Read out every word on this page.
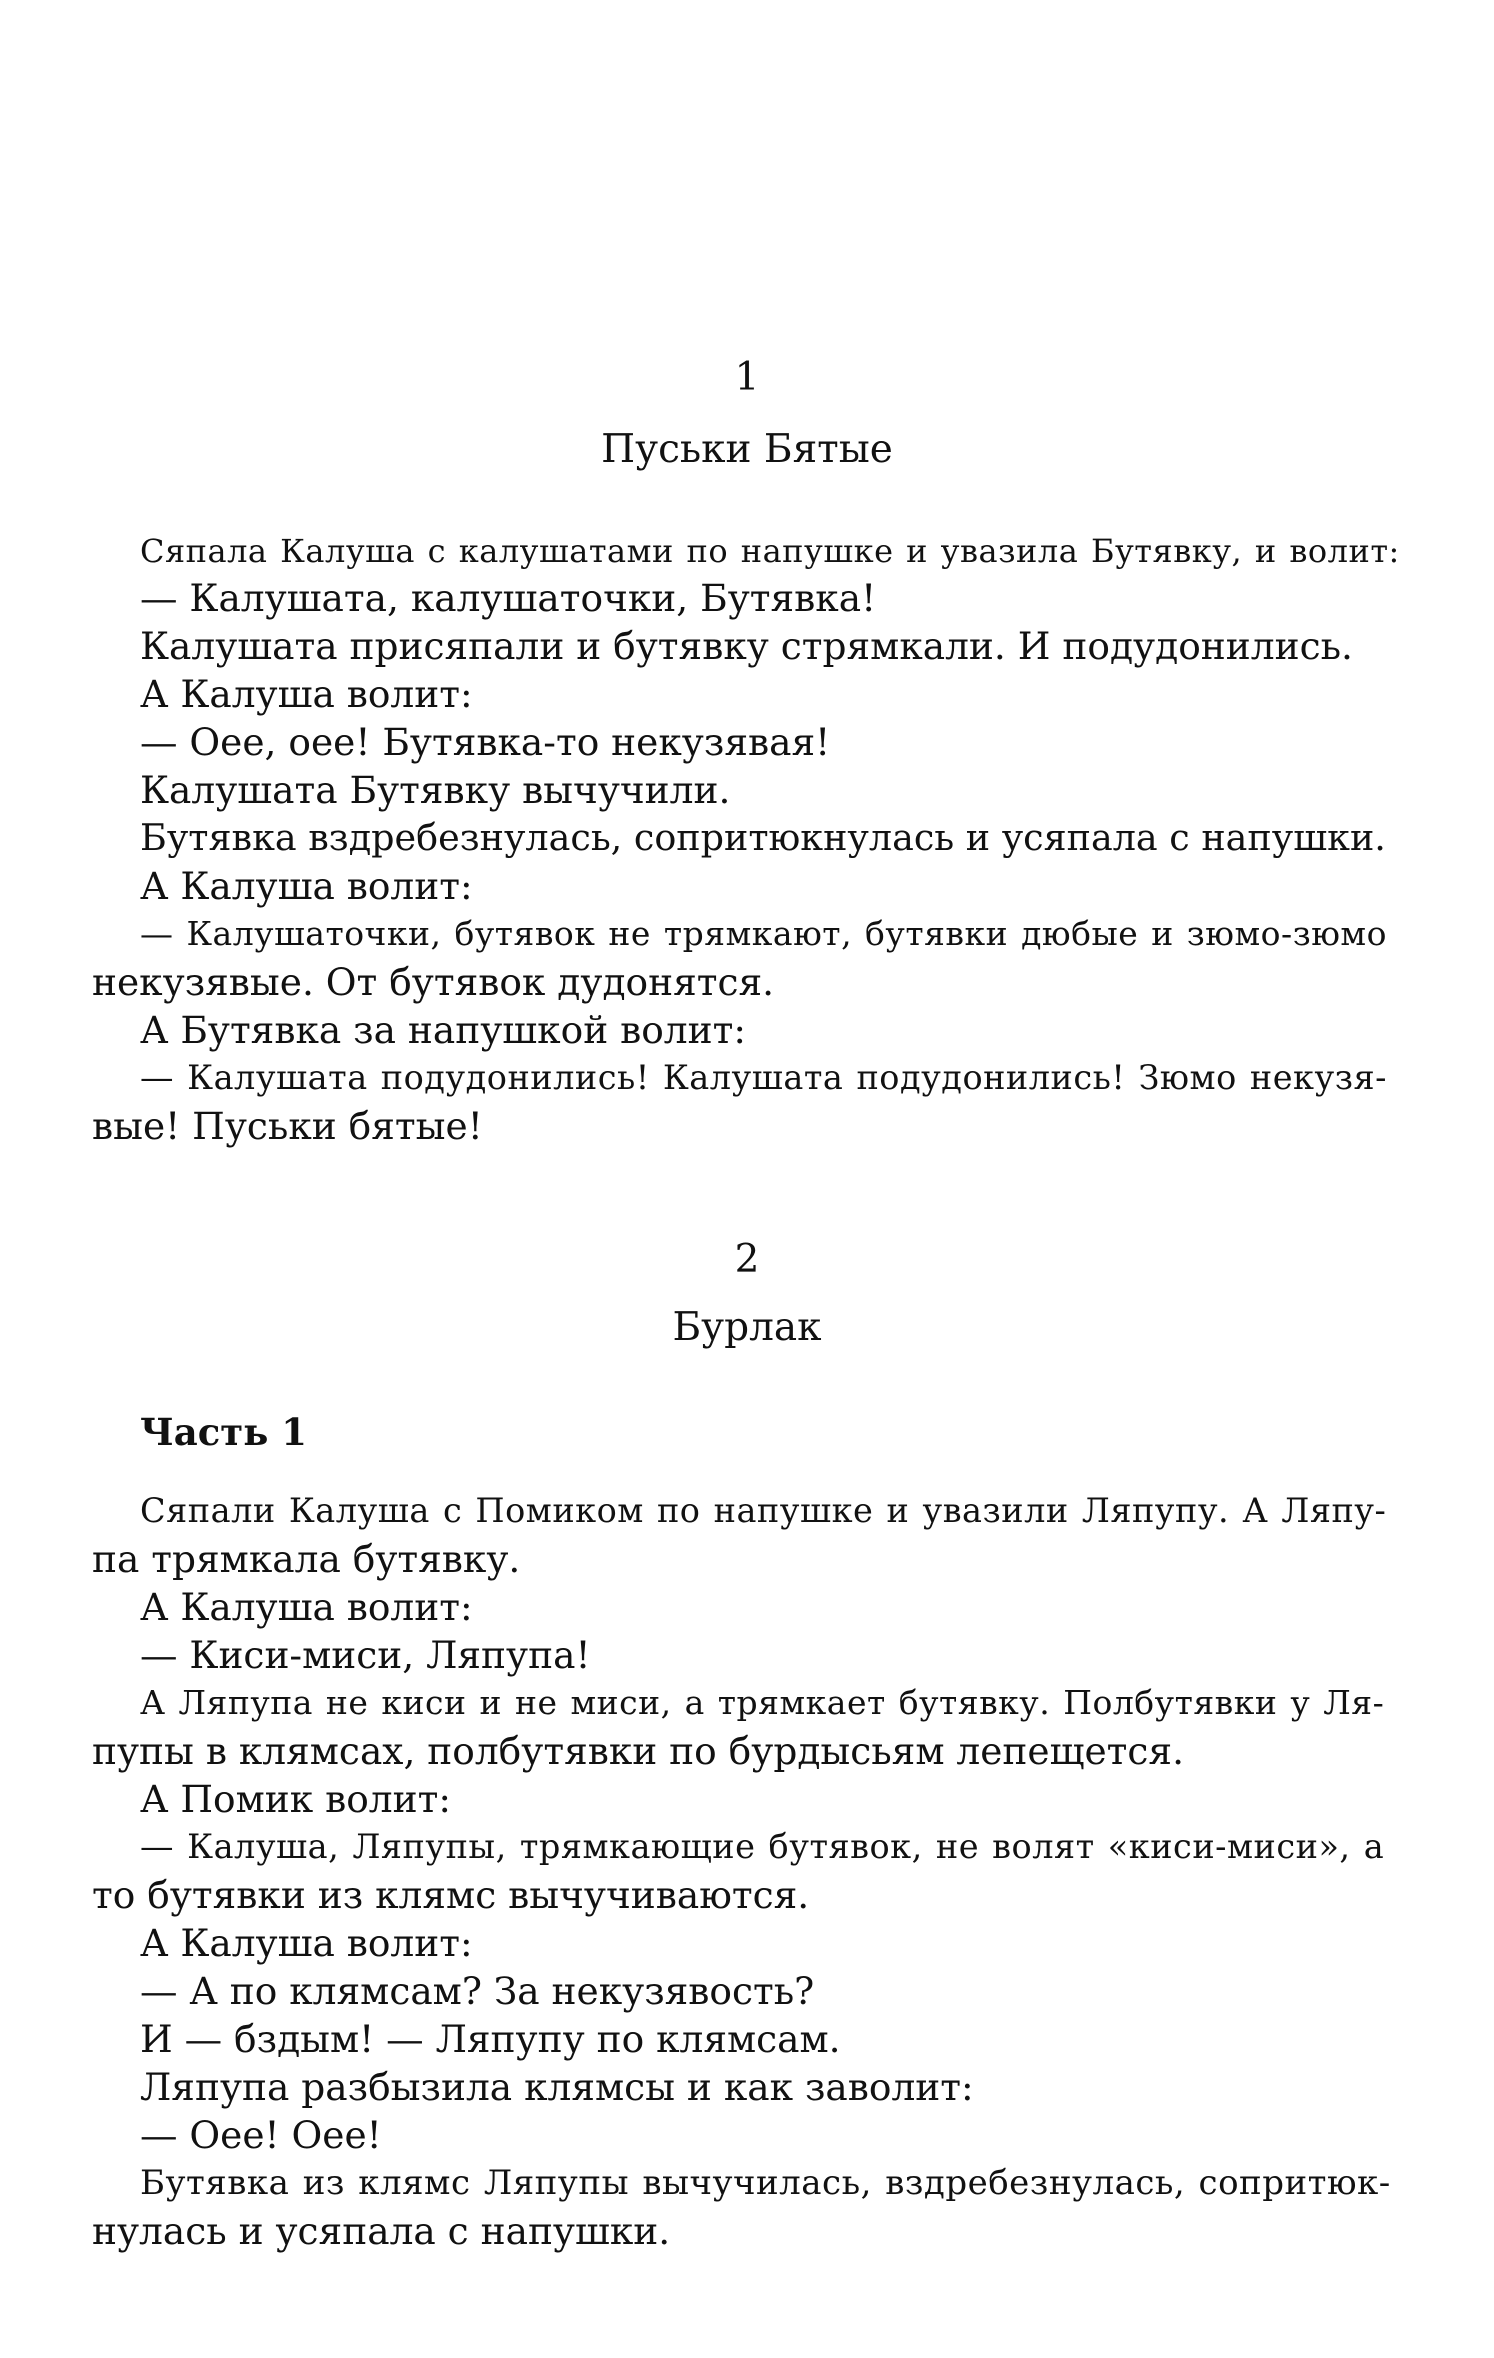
1
Пуськи Бятые
Сяпала Калуша с калушатами по напушке и увазила Бутявку, и волит:
— Калушата, калушаточки, Бутявка!
Калушата присяпали и бутявку стрямкали. И подудонились.
А Калуша волит:
— Оее, оее! Бутявка-то некузявая!
Калушата Бутявку вычучили.
Бутявка вздребезнулась, сопритюкнулась и усяпала с напушки.
А Калуша волит:
— Калушаточки, бутявок не трямкают, бутявки дюбые и зюмо-зюмо
некузявые. От бутявок дудонятся.
А Бутявка за напушкой волит:
— Калушата подудонились! Калушата подудонились! Зюмо некузя-
вые! Пуськи бятые!
2
Бурлак
Часть 1
Сяпали Калуша с Помиком по напушке и увазили Ляпупу. А Ляпу-
па трямкала бутявку.
А Калуша волит:
— Киси-миси, Ляпупа!
А Ляпупа не киси и не миси, а трямкает бутявку. Полбутявки у Ля-
пупы в клямсах, полбутявки по бурдысьям лепещется.
А Помик волит:
— Калуша, Ляпупы, трямкающие бутявок, не волят «киси-миси», а
то бутявки из клямс вычучиваются.
А Калуша волит:
— А по клямсам? За некузявость?
И — бздым! — Ляпупу по клямсам.
Ляпупа разбызила клямсы и как заволит:
— Оее! Оее!
Бутявка из клямс Ляпупы вычучилась, вздребезнулась, сопритюк-
нулась и усяпала с напушки.
